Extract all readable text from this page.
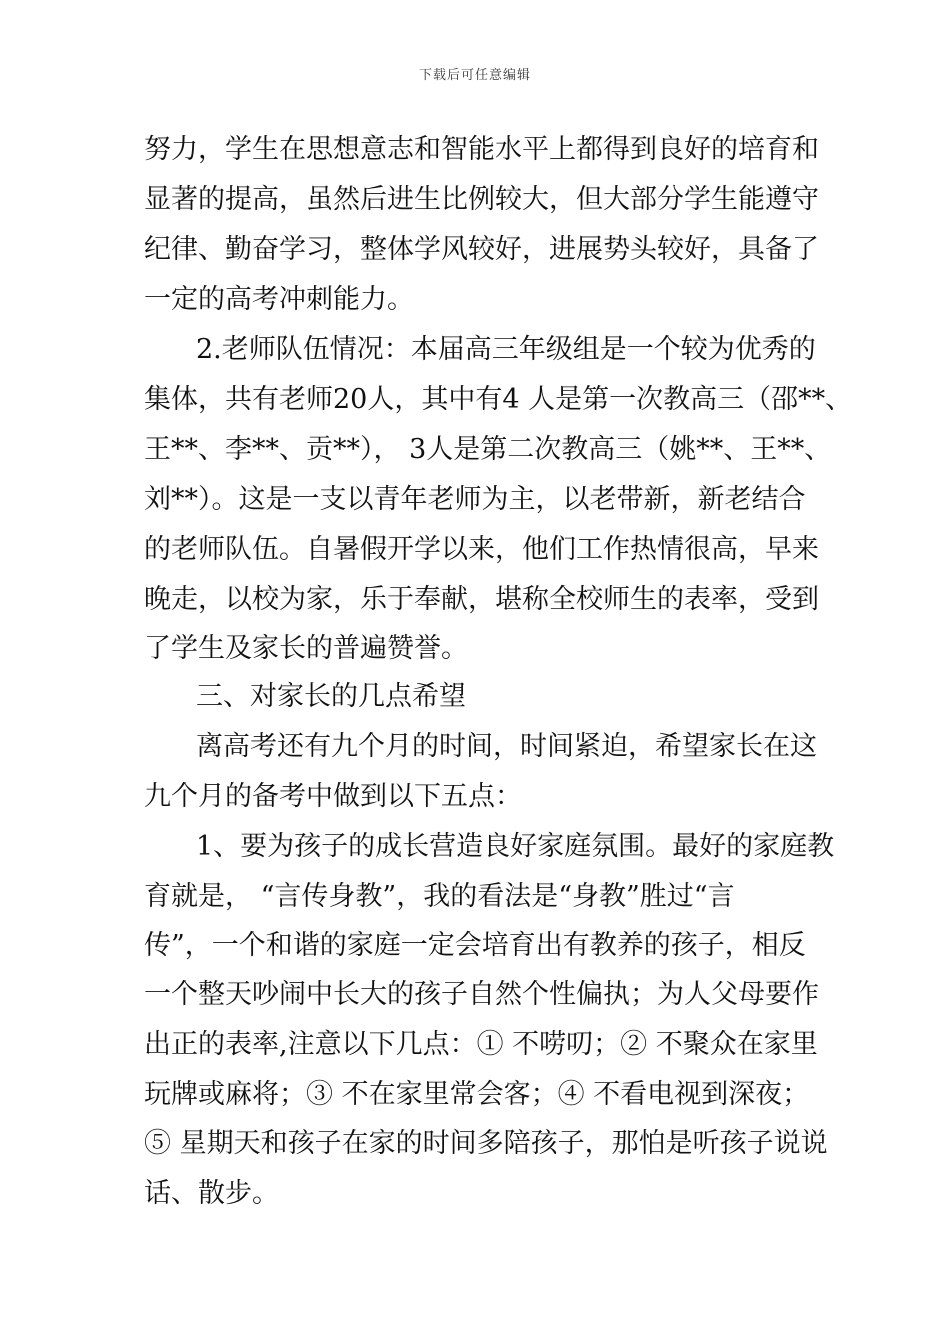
下载后可任意编辑
努力，学生在思想意志和智能水平上都得到良好的培育和
显著的提高，虽然后进生比例较大，但大部分学生能遵守
纪律、勤奋学习，整体学风较好，进展势头较好，具备了
一定的高考冲刺能力。
2.老师队伍情况：本届高三年级组是一个较为优秀的
集体，共有老师20人，其中有4 人是第一次教高三（邵**、
王**、李**、贡**）， 3人是第二次教高三（姚**、王**、
刘**）。这是一支以青年老师为主，以老带新，新老结合
的老师队伍。自暑假开学以来，他们工作热情很高，早来
晚走，以校为家，乐于奉献，堪称全校师生的表率，受到
了学生及家长的普遍赞誉。
三、对家长的几点希望
离高考还有九个月的时间，时间紧迫，希望家长在这
九个月的备考中做到以下五点：
1、要为孩子的成长营造良好家庭氛围。最好的家庭教
育就是， “言传身教”，我的看法是“身教”胜过“言
传”，一个和谐的家庭一定会培育出有教养的孩子，相反
一个整天吵闹中长大的孩子自然个性偏执；为人父母要作
出正的表率,注意以下几点：① 不唠叨；② 不聚众在家里
玩牌或麻将；③ 不在家里常会客；④ 不看电视到深夜；
⑤ 星期天和孩子在家的时间多陪孩子，那怕是听孩子说说
话、散步。
